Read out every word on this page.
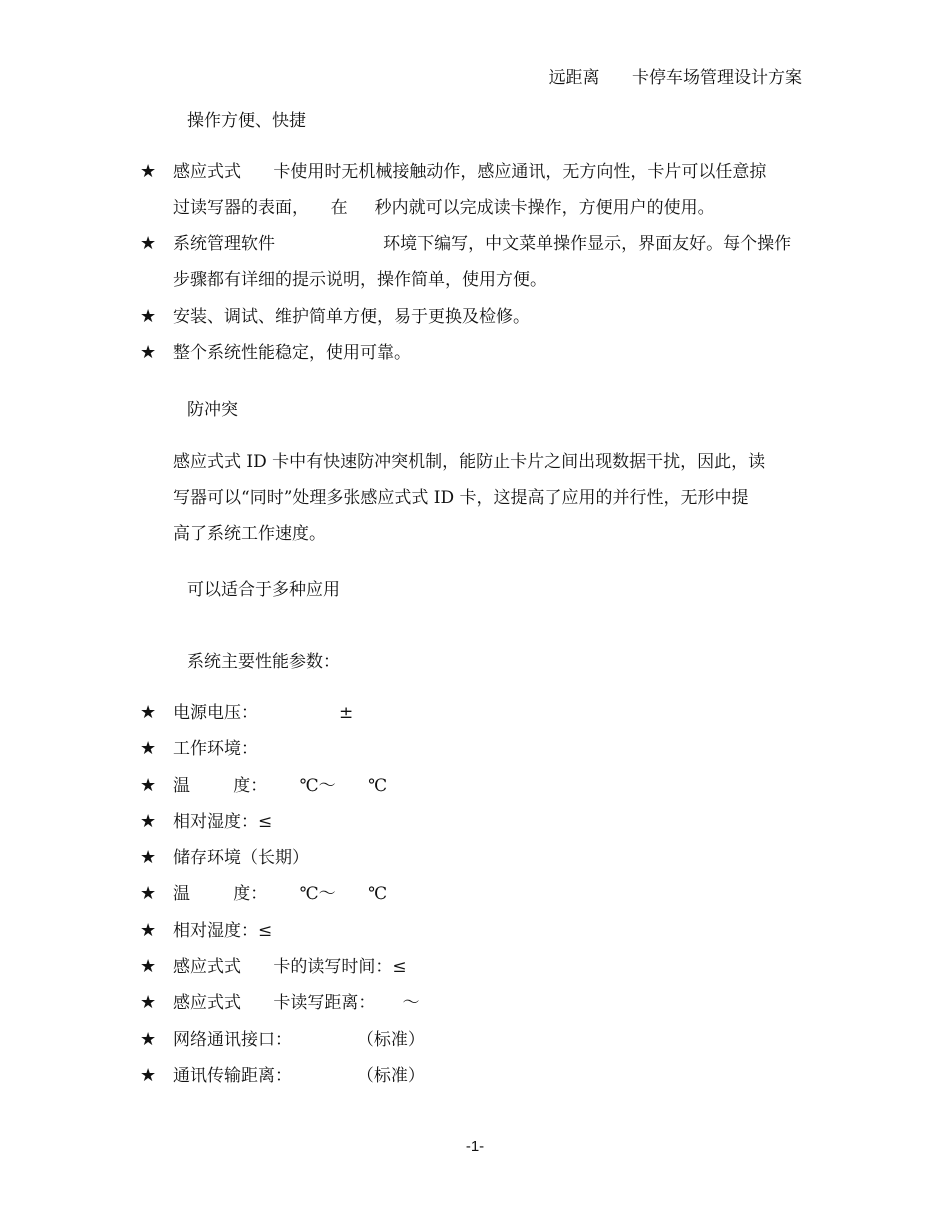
远距离      卡停车场管理设计方案
操作方便、快捷
★ 感应式式      卡使用时无机械接触动作，感应通讯，无方向性，卡片可以任意掠
过读写器的表面，    在     秒内就可以完成读卡操作，方便用户的使用。
★ 系统管理软件                    环境下编写，中文菜单操作显示，界面友好。每个操作
步骤都有详细的提示说明，操作简单，使用方便。
★ 安装、调试、维护简单方便，易于更换及检修。
★ 整个系统性能稳定，使用可靠。
防冲突
感应式式 ID 卡中有快速防冲突机制，能防止卡片之间出现数据干扰，因此，读
写器可以“同时”处理多张感应式式 ID 卡，这提高了应用的并行性，无形中提
高了系统工作速度。
可以适合于多种应用
系统主要性能参数：
★ 电源电压：               ±
★ 工作环境：
★ 温        度：      ℃～      ℃
★ 相对湿度：≤
★ 储存环境（长期）
★ 温        度：      ℃～      ℃
★ 相对湿度：≤
★ 感应式式      卡的读写时间：≤
★ 感应式式      卡读写距离：     ～
★ 网络通讯接口：            （标准）
★ 通讯传输距离：            （标准）
-1-
